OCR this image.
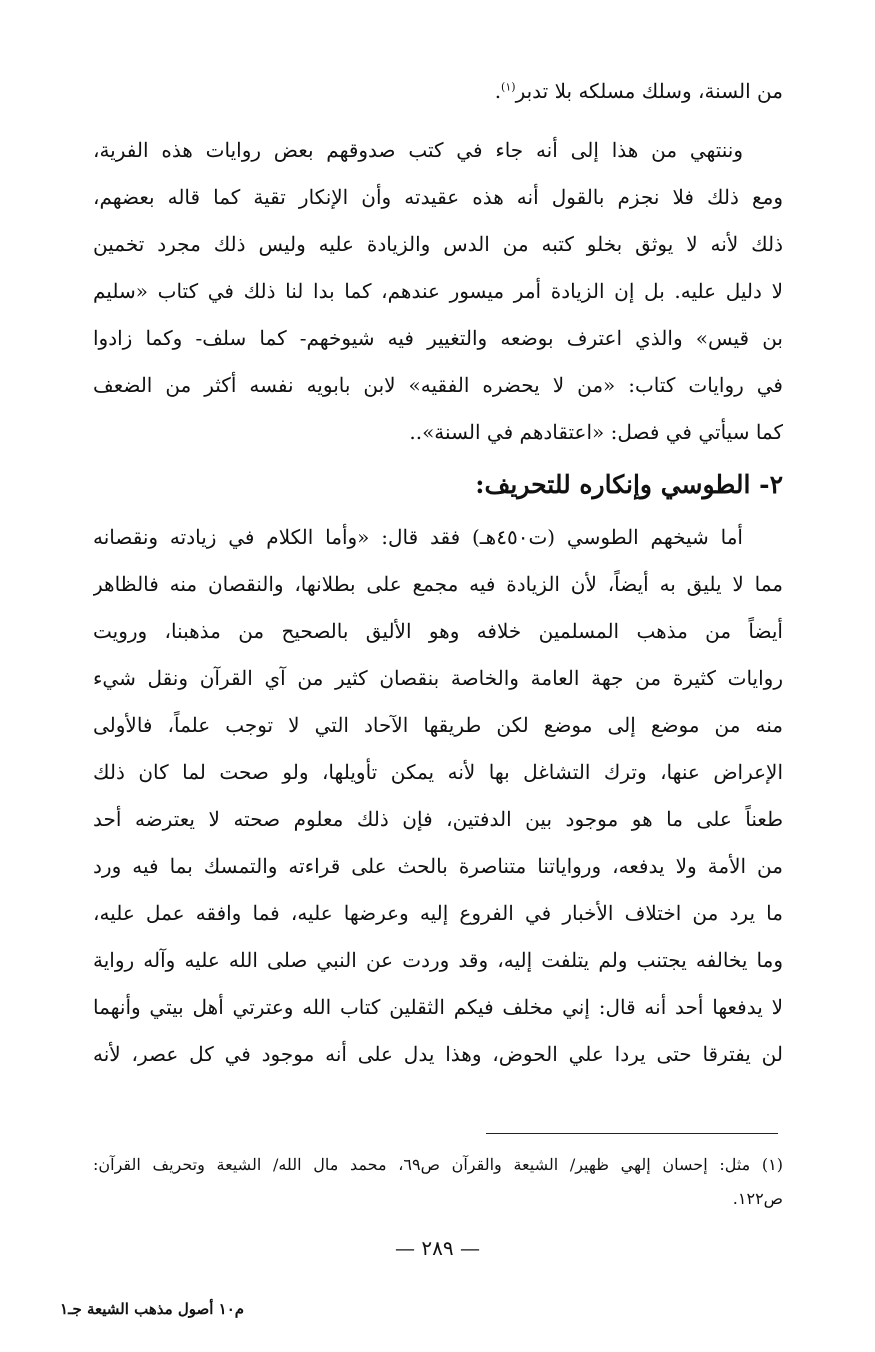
من السنة، وسلك مسلكه بلا تدبر$^{(١)}$.
وننتهي من هذا إلى أنه جاء في كتب صدوقهم بعض روايات هذه الفرية،
ومع ذلك فلا نجزم بالقول أنه هذه عقيدته وأن الإنكار تقية كما قاله بعضهم،
ذلك لأنه لا يوثق بخلو كتبه من الدس والزيادة عليه وليس ذلك مجرد تخمين
لا دليل عليه. بل إن الزيادة أمر ميسور عندهم، كما بدا لنا ذلك في كتاب «سليم
بن قيس» والذي اعترف بوضعه والتغيير فيه شيوخهم- كما سلف- وكما زادوا
في روايات كتاب: «من لا يحضره الفقيه» لابن بابويه نفسه أكثر من الضعف
كما سيأتي في فصل: «اعتقادهم في السنة»..
٢- الطوسي وإنكاره للتحريف:
أما شيخهم الطوسي (ت٤٥٠هـ) فقد قال: «وأما الكلام في زيادته ونقصانه
مما لا يليق به أيضاً، لأن الزيادة فيه مجمع على بطلانها، والنقصان منه فالظاهر
أيضاً من مذهب المسلمين خلافه وهو الأليق بالصحيح من مذهبنا، ورويت
روايات كثيرة من جهة العامة والخاصة بنقصان كثير من آي القرآن ونقل شيء
منه من موضع إلى موضع لكن طريقها الآحاد التي لا توجب علماً، فالأولى
الإعراض عنها، وترك التشاغل بها لأنه يمكن تأويلها، ولو صحت لما كان ذلك
طعناً على ما هو موجود بين الدفتين، فإن ذلك معلوم صحته لا يعترضه أحد
من الأمة ولا يدفعه، ورواياتنا متناصرة بالحث على قراءته والتمسك بما فيه ورد
ما يرد من اختلاف الأخبار في الفروع إليه وعرضها عليه، فما وافقه عمل عليه،
وما يخالفه يجتنب ولم يتلفت إليه، وقد وردت عن النبي صلى الله عليه وآله رواية
لا يدفعها أحد أنه قال: إني مخلف فيكم الثقلين كتاب الله وعترتي أهل بيتي وأنهما
لن يفترقا حتى يردا علي الحوض، وهذا يدل على أنه موجود في كل عصر، لأنه
(١) مثل: إحسان إلهي ظهير/ الشيعة والقرآن ص٦٩، محمد مال الله/ الشيعة وتحريف القرآن:
ص١٢٢.
— ٢٨٩ —
م١٠ أصول مذهب الشيعة جـ١
